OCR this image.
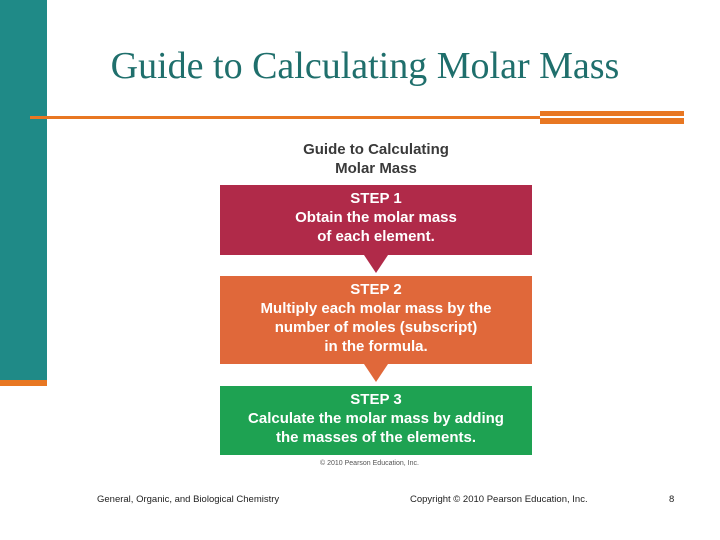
Guide to Calculating Molar Mass
Guide to Calculating
Molar Mass
STEP 1
Obtain the molar mass
of each element.
STEP 2
Multiply each molar mass by the
number of moles (subscript)
in the formula.
STEP 3
Calculate the molar mass by adding
the masses of the elements.
© 2010 Pearson Education, Inc.
General, Organic, and Biological Chemistry	Copyright © 2010 Pearson Education, Inc.	8
